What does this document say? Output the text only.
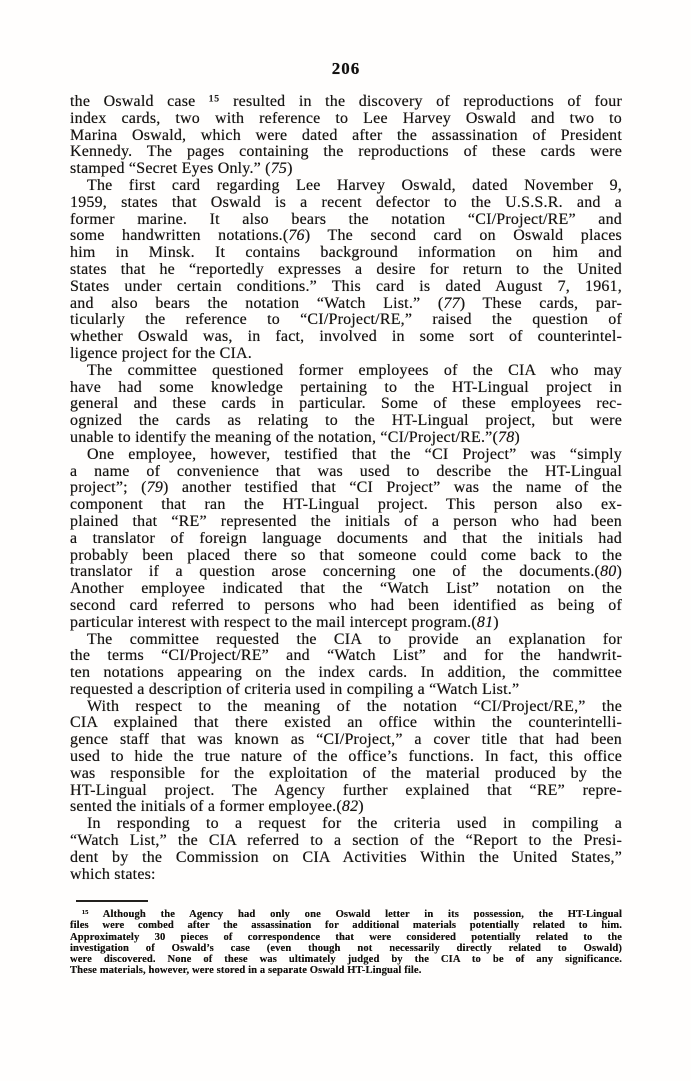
206
the Oswald case ¹⁵ resulted in the discovery of reproductions of four
index cards, two with reference to Lee Harvey Oswald and two to
Marina Oswald, which were dated after the assassination of President
Kennedy. The pages containing the reproductions of these cards were
stamped “Secret Eyes Only.” (75)
The first card regarding Lee Harvey Oswald, dated November 9,
1959, states that Oswald is a recent defector to the U.S.S.R. and a
former marine. It also bears the notation “CI/Project/RE” and
some handwritten notations.(76) The second card on Oswald places
him in Minsk. It contains background information on him and
states that he “reportedly expresses a desire for return to the United
States under certain conditions.” This card is dated August 7, 1961,
and also bears the notation “Watch List.” (77) These cards, par-
ticularly the reference to “CI/Project/RE,” raised the question of
whether Oswald was, in fact, involved in some sort of counterintel-
ligence project for the CIA.
The committee questioned former employees of the CIA who may
have had some knowledge pertaining to the HT-Lingual project in
general and these cards in particular. Some of these employees rec-
ognized the cards as relating to the HT-Lingual project, but were
unable to identify the meaning of the notation, “CI/Project/RE.”(78)
One employee, however, testified that the “CI Project” was “simply
a name of convenience that was used to describe the HT-Lingual
project”; (79) another testified that “CI Project” was the name of the
component that ran the HT-Lingual project. This person also ex-
plained that “RE” represented the initials of a person who had been
a translator of foreign language documents and that the initials had
probably been placed there so that someone could come back to the
translator if a question arose concerning one of the documents.(80)
Another employee indicated that the “Watch List” notation on the
second card referred to persons who had been identified as being of
particular interest with respect to the mail intercept program.(81)
The committee requested the CIA to provide an explanation for
the terms “CI/Project/RE” and “Watch List” and for the handwrit-
ten notations appearing on the index cards. In addition, the committee
requested a description of criteria used in compiling a “Watch List.”
With respect to the meaning of the notation “CI/Project/RE,” the
CIA explained that there existed an office within the counterintelli-
gence staff that was known as “CI/Project,” a cover title that had been
used to hide the true nature of the office’s functions. In fact, this office
was responsible for the exploitation of the material produced by the
HT-Lingual project. The Agency further explained that “RE” repre-
sented the initials of a former employee.(82)
In responding to a request for the criteria used in compiling a
“Watch List,” the CIA referred to a section of the “Report to the Presi-
dent by the Commission on CIA Activities Within the United States,”
which states:
¹⁵ Although the Agency had only one Oswald letter in its possession, the HT-Lingual
files were combed after the assassination for additional materials potentially related to him.
Approximately 30 pieces of correspondence that were considered potentially related to the
investigation of Oswald’s case (even though not necessarily directly related to Oswald)
were discovered. None of these was ultimately judged by the CIA to be of any significance.
These materials, however, were stored in a separate Oswald HT-Lingual file.
